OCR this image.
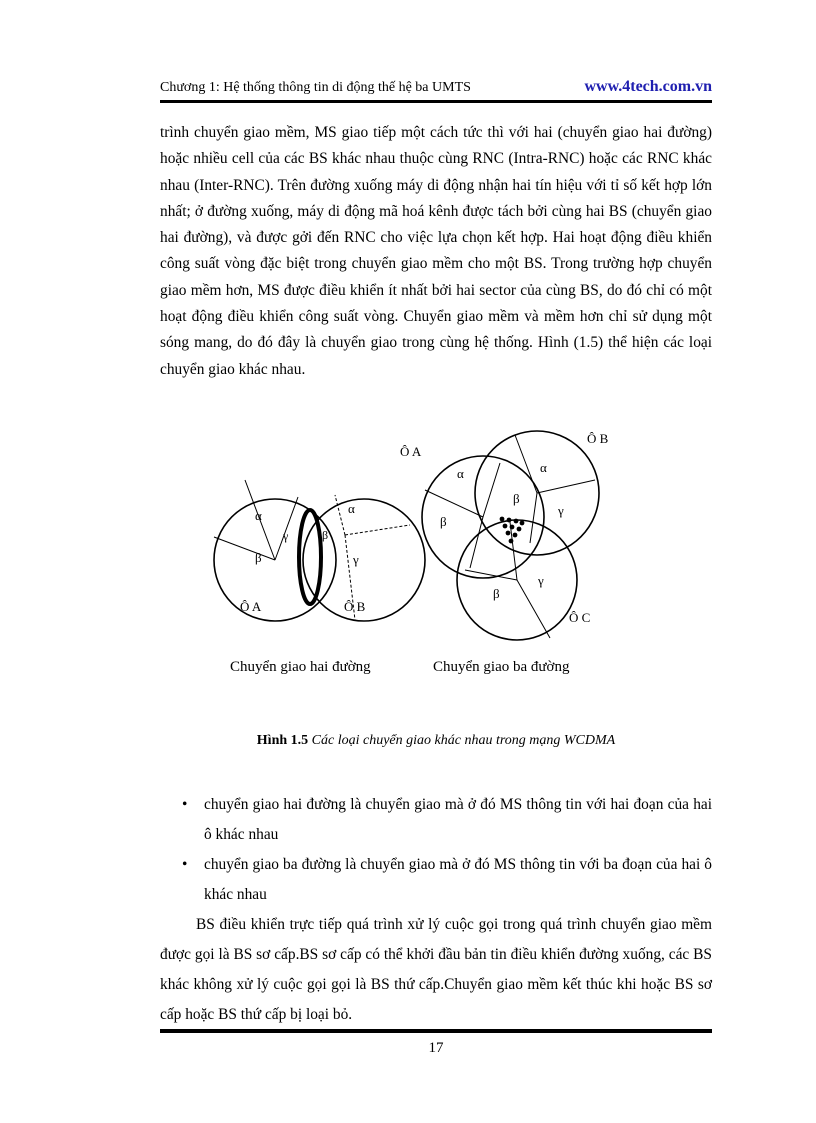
Chương 1: Hệ thống thông tin di động thế hệ ba UMTS	www.4tech.com.vn
trình chuyển giao mềm, MS giao tiếp một cách tức thì với hai (chuyển giao hai đường) hoặc nhiều cell của các BS khác nhau thuộc cùng RNC (Intra-RNC) hoặc các RNC khác nhau (Inter-RNC). Trên đường xuống máy di động nhận hai tín hiệu với tỉ số kết hợp lớn nhất; ở đường xuống, máy di động mã hoá kênh được tách bởi cùng hai BS (chuyển giao hai đường), và được gởi đến RNC cho việc lựa chọn kết hợp. Hai hoạt động điều khiển công suất vòng đặc biệt trong chuyển giao mềm cho một BS. Trong trường hợp chuyển giao mềm hơn, MS được điều khiển ít nhất bởi hai sector của cùng BS, do đó chỉ có một hoạt động điều khiển công suất vòng. Chuyển giao mềm và mềm hơn chỉ sử dụng một sóng mang, do đó đây là chuyển giao trong cùng hệ thống. Hình (1.5) thể hiện các loại chuyển giao khác nhau.
α
γ
β
α
β
γ
Ô A	Ô B
Chuyển giao hai đường
Ô A
Ô B
Ô C
α
β
α
β
γ
β
γ
Chuyển giao ba đường
Hình 1.5 Các loại chuyển giao khác nhau trong mạng WCDMA
• chuyển giao hai đường là chuyển giao mà ở đó MS thông tin với hai đoạn của hai ô khác nhau
• chuyển giao ba đường là chuyển giao mà ở đó MS thông tin với ba đoạn của hai ô khác nhau
BS điều khiển trực tiếp quá trình xử lý cuộc gọi trong quá trình chuyển giao mềm được gọi là BS sơ cấp.BS sơ cấp có thể khởi đầu bản tin điều khiển đường xuống, các BS khác không xử lý cuộc gọi gọi là BS thứ cấp.Chuyển giao mềm kết thúc khi hoặc BS sơ cấp hoặc BS thứ cấp bị loại bỏ.
17
